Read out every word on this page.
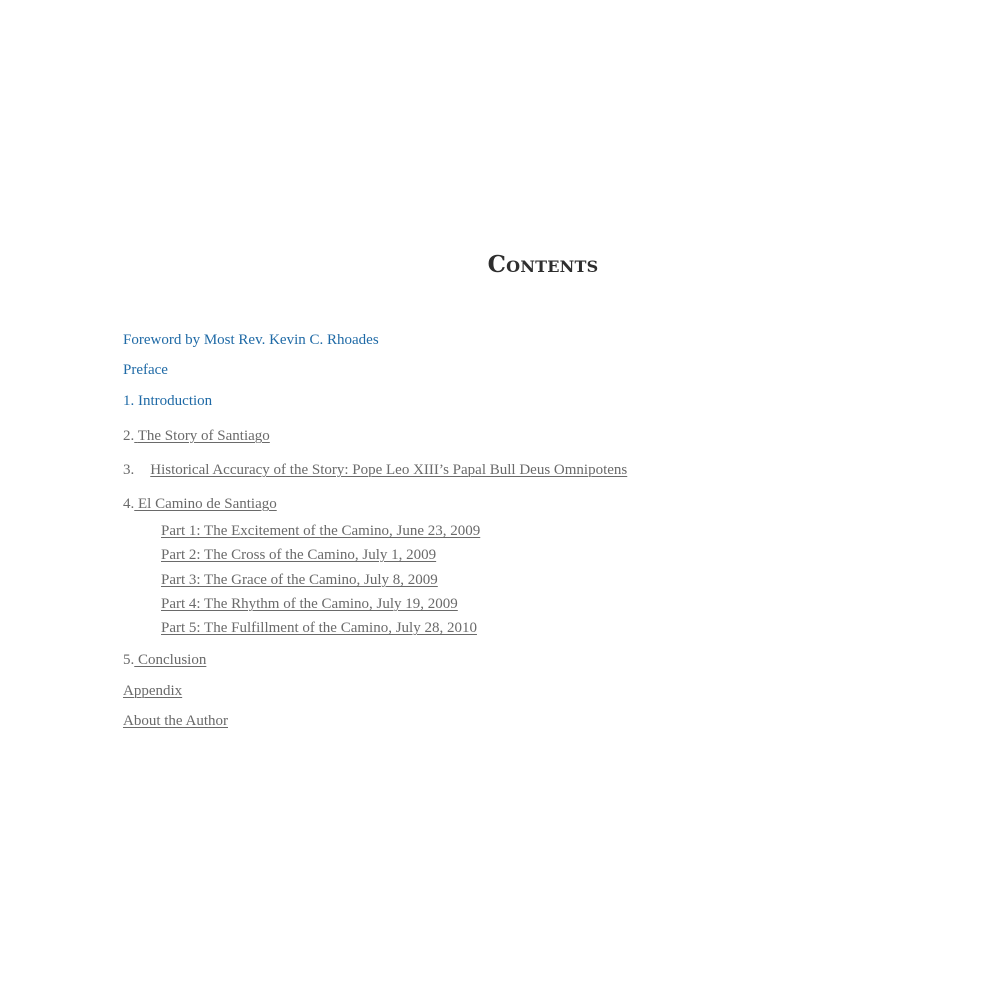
Contents
Foreword by Most Rev. Kevin C. Rhoades
Preface
1. Introduction
2. The Story of Santiago
3. Historical Accuracy of the Story: Pope Leo XIII’s Papal Bull Deus Omnipotens
4. El Camino de Santiago
Part 1: The Excitement of the Camino, June 23, 2009
Part 2: The Cross of the Camino, July 1, 2009
Part 3: The Grace of the Camino, July 8, 2009
Part 4: The Rhythm of the Camino, July 19, 2009
Part 5: The Fulfillment of the Camino, July 28, 2010
5. Conclusion
Appendix
About the Author
